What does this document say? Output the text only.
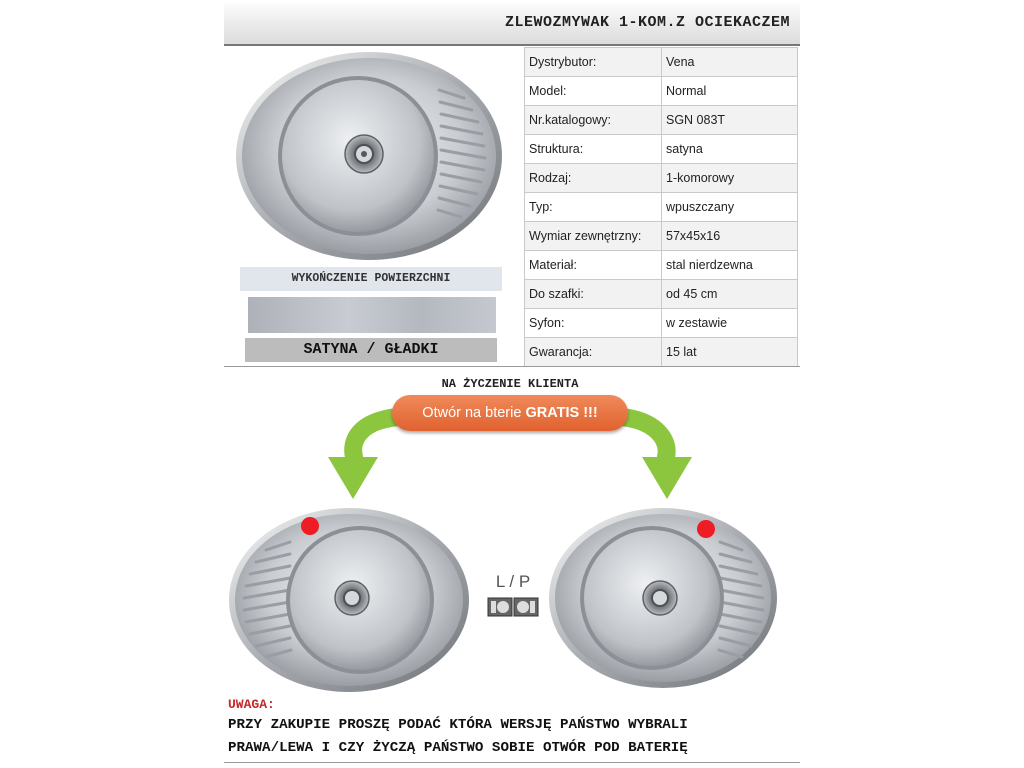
ZLEWOZMYWAK 1-KOM.Z OCIEKACZEM
Dystrybutor:	Vena
Model:	Normal
Nr.katalogowy:	SGN 083T
Struktura:	satyna
Rodzaj:	1-komorowy
Typ:	wpuszczany
Wymiar zewnętrzny:	57x45x16
Materiał:	stal nierdzewna
Do szafki:	od 45 cm
Syfon:	w zestawie
Gwarancja:	15 lat
WYKOŃCZENIE POWIERZCHNI
SATYNA / GŁADKI
NA ŻYCZENIE KLIENTA
Otwór na bterie GRATIS !!!
L / P
UWAGA:
PRZY ZAKUPIE PROSZĘ PODAĆ KTÓRA WERSJĘ PAŃSTWO WYBRALI
PRAWA/LEWA I CZY ŻYCZĄ PAŃSTWO SOBIE OTWÓR POD BATERIĘ
